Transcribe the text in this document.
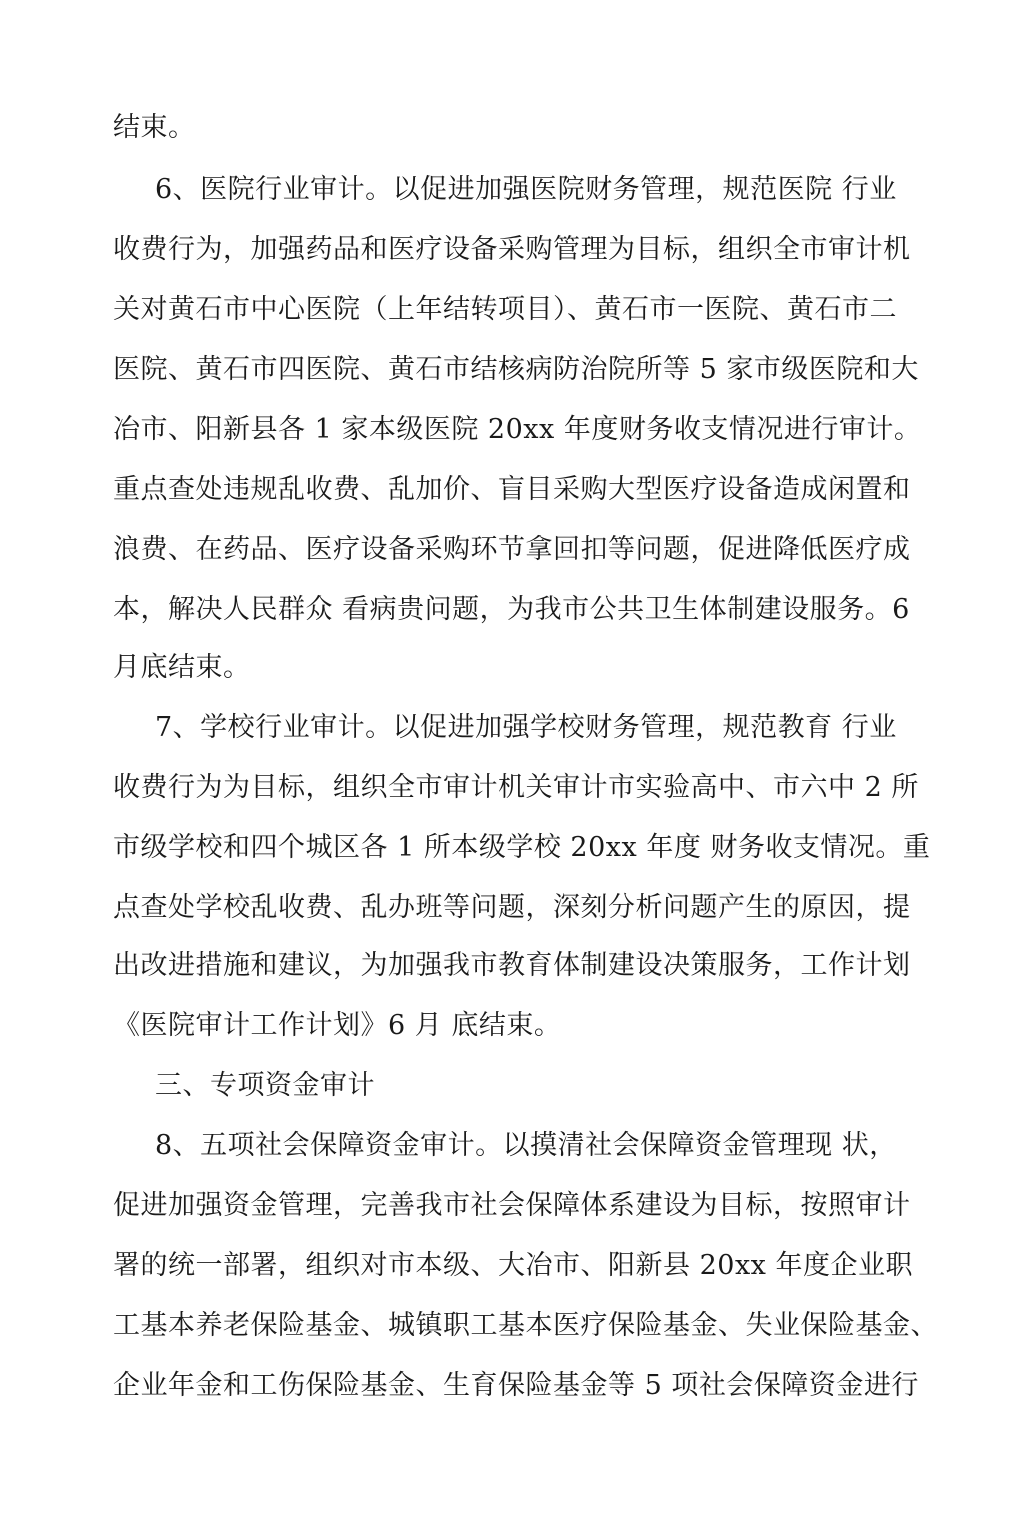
结束。
6、医院行业审计。以促进加强医院财务管理，规范医院 行业
收费行为，加强药品和医疗设备采购管理为目标，组织全市审计机
关对黄石市中心医院（上年结转项目）、黄石市一医院、黄石市二
医院、黄石市四医院、黄石市结核病防治院所等 5 家市级医院和大
冶市、阳新县各 1 家本级医院 20xx 年度财务收支情况进行审计。
重点查处违规乱收费、乱加价、盲目采购大型医疗设备造成闲置和
浪费、在药品、医疗设备采购环节拿回扣等问题，促进降低医疗成
本，解决人民群众 看病贵问题，为我市公共卫生体制建设服务。6
月底结束。
7、学校行业审计。以促进加强学校财务管理，规范教育 行业
收费行为为目标，组织全市审计机关审计市实验高中、市六中 2 所
市级学校和四个城区各 1 所本级学校 20xx 年度 财务收支情况。重
点查处学校乱收费、乱办班等问题，深刻分析问题产生的原因，提
出改进措施和建议，为加强我市教育体制建设决策服务，工作计划
《医院审计工作计划》6 月 底结束。
三、专项资金审计
8、五项社会保障资金审计。以摸清社会保障资金管理现 状，
促进加强资金管理，完善我市社会保障体系建设为目标，按照审计
署的统一部署，组织对市本级、大冶市、阳新县 20xx 年度企业职
工基本养老保险基金、城镇职工基本医疗保险基金、失业保险基金、
企业年金和工伤保险基金、生育保险基金等 5 项社会保障资金进行
